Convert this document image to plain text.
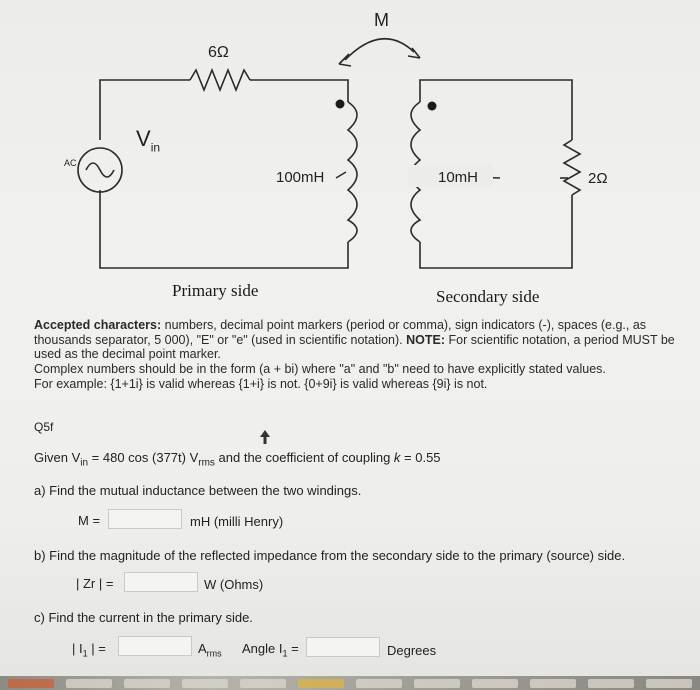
M
6Ω
$V_{in}$
AC
100mH	10mH	2Ω
Primary side	Secondary side
Accepted characters: numbers, decimal point markers (period or comma), sign indicators (-), spaces (e.g., as
thousands separator, 5 000), "E" or "e" (used in scientific notation). NOTE: For scientific notation, a period MUST be
used as the decimal point marker.
Complex numbers should be in the form (a + bi) where "a" and "b" need to have explicitly stated values.
For example: {1+1i} is valid whereas {1+i} is not. {0+9i} is valid whereas {9i} is not.
Q5f
Given $V_{in} = 480$ cos (377t) $V_{rms}$ and the coefficient of coupling k = 0.55
a) Find the mutual inductance between the two windings.
M =	mH (milli Henry)
b) Find the magnitude of the reflected impedance from the secondary side to the primary (source) side.
| Zr | =	W (Ohms)
c) Find the current in the primary side.
| $I_1$ | =	$A_{rms}$ Angle $I_1$ =	Degrees
